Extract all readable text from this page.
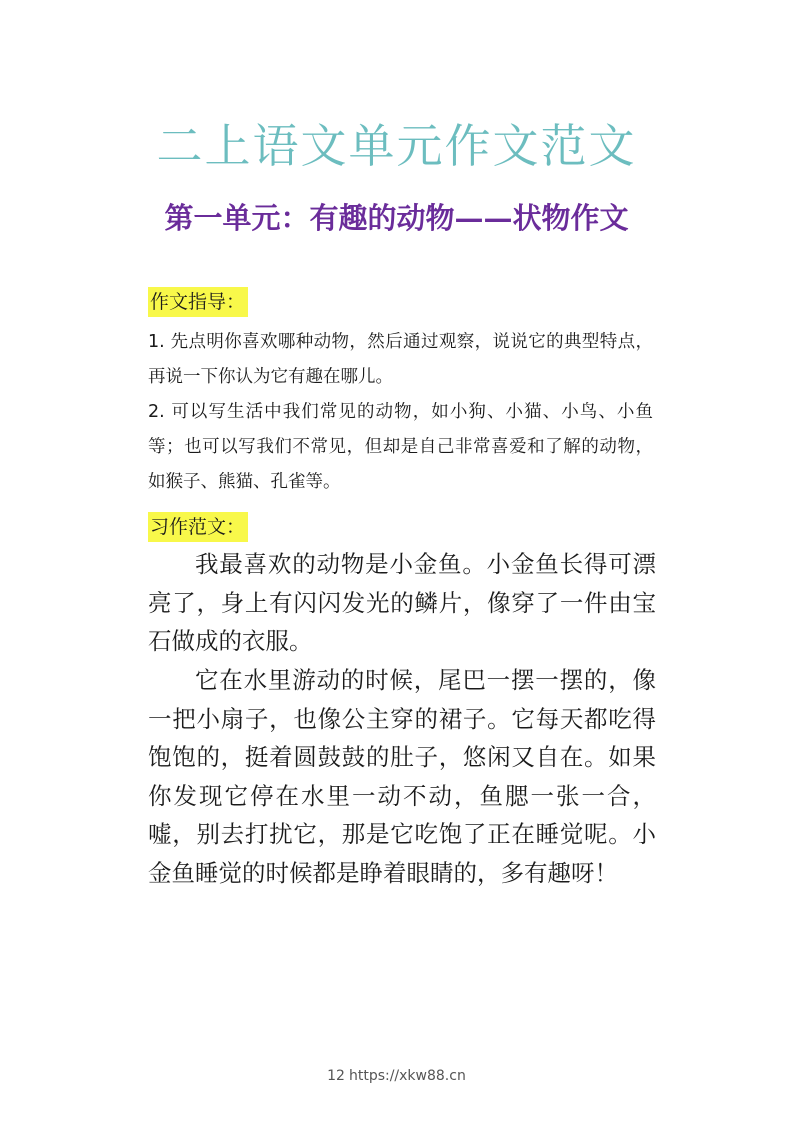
二上语文单元作文范文
第一单元：有趣的动物——状物作文
作文指导：
1. 先点明你喜欢哪种动物，然后通过观察，说说它的典型特点，再说一下你认为它有趣在哪儿。
2. 可以写生活中我们常见的动物，如小狗、小猫、小鸟、小鱼等；也可以写我们不常见，但却是自己非常喜爱和了解的动物，如猴子、熊猫、孔雀等。
习作范文：

我最喜欢的动物是小金鱼。小金鱼长得可漂亮了，身上有闪闪发光的鳞片，像穿了一件由宝石做成的衣服。

它在水里游动的时候，尾巴一摆一摆的，像一把小扇子，也像公主穿的裙子。它每天都吃得饱饱的，挺着圆鼓鼓的肚子，悠闲又自在。如果你发现它停在水里一动不动，鱼腮一张一合，嘘，别去打扰它，那是它吃饱了正在睡觉呢。小金鱼睡觉的时候都是睁着眼睛的，多有趣呀！

12 https://xkw88.cn
